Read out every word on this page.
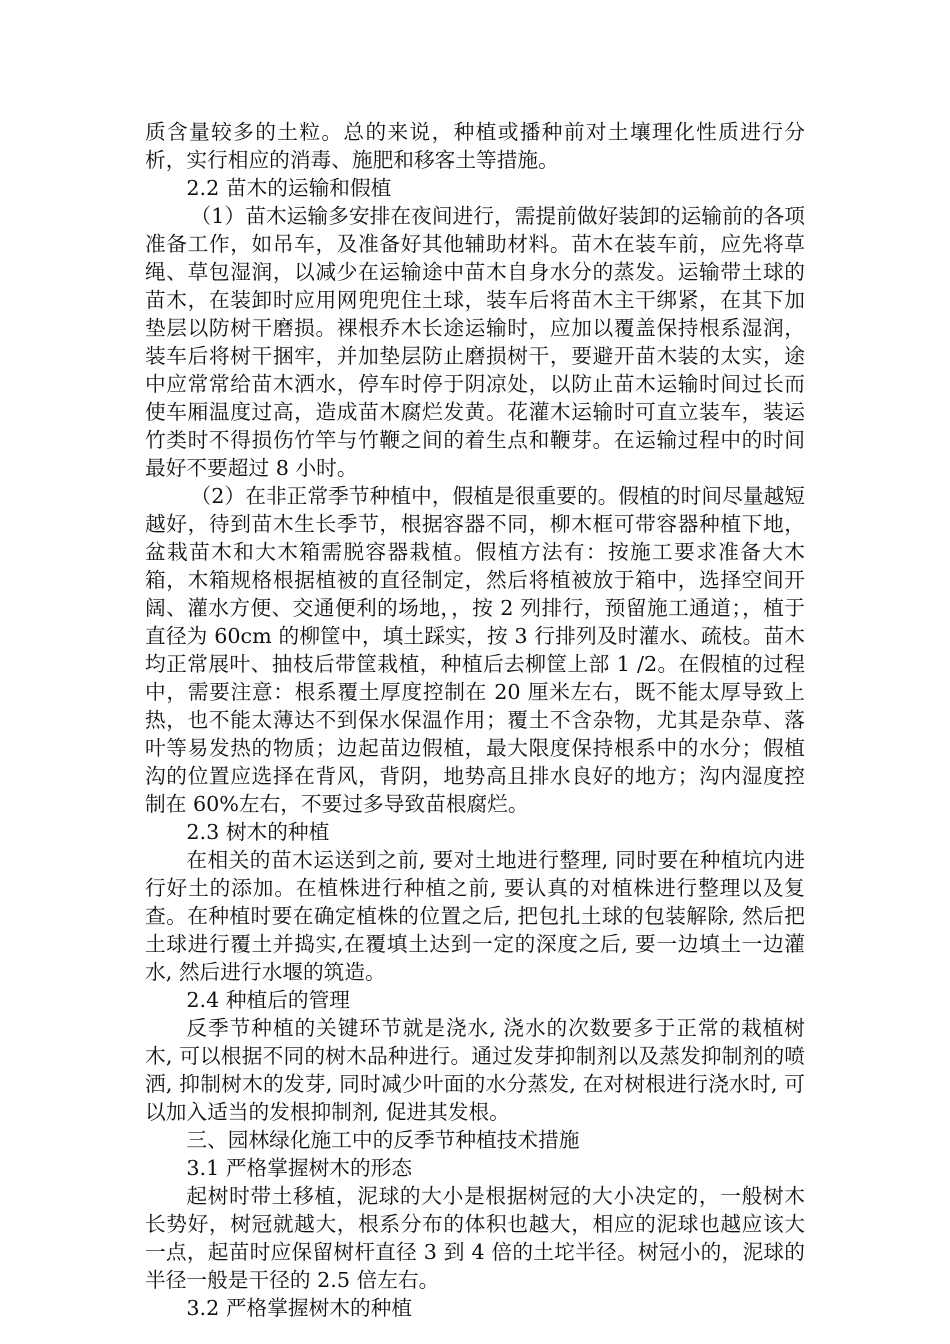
质含量较多的土粒。总的来说，种植或播种前对土壤理化性质进行分析，实行相应的消毒、施肥和移客土等措施。

2.2 苗木的运输和假植

（1）苗木运输多安排在夜间进行，需提前做好装卸的运输前的各项准备工作，如吊车，及准备好其他辅助材料。苗木在装车前，应先将草绳、草包湿润，以减少在运输途中苗木自身水分的蒸发。运输带土球的苗木，在装卸时应用网兜兜住土球，装车后将苗木主干绑紧，在其下加垫层以防树干磨损。裸根乔木长途运输时，应加以覆盖保持根系湿润，装车后将树干捆牢，并加垫层防止磨损树干，要避开苗木装的太实，途中应常常给苗木洒水，停车时停于阴凉处，以防止苗木运输时间过长而使车厢温度过高，造成苗木腐烂发黄。花灌木运输时可直立装车，装运竹类时不得损伤竹竿与竹鞭之间的着生点和鞭芽。在运输过程中的时间最好不要超过 8 小时。

（2）在非正常季节种植中，假植是很重要的。假植的时间尽量越短越好，待到苗木生长季节，根据容器不同，柳木框可带容器种植下地，盆栽苗木和大木箱需脱容器栽植。假植方法有：按施工要求准备大木箱，木箱规格根据植被的直径制定，然后将植被放于箱中，选择空间开阔、灌水方便、交通便利的场地，，按 2 列排行，预留施工通道；，植于直径为 60cm 的柳筐中，填土踩实，按 3 行排列及时灌水、疏枝。苗木均正常展叶、抽枝后带筐栽植，种植后去柳筐上部 1 /2。在假植的过程中，需要注意：根系覆土厚度控制在 20 厘米左右，既不能太厚导致上热，也不能太薄达不到保水保温作用；覆土不含杂物，尤其是杂草、落叶等易发热的物质；边起苗边假植，最大限度保持根系中的水分；假植沟的位置应选择在背风，背阴，地势高且排水良好的地方；沟内湿度控制在 60%左右，不要过多导致苗根腐烂。

2.3 树木的种植

在相关的苗木运送到之前, 要对土地进行整理, 同时要在种植坑内进行好土的添加。在植株进行种植之前, 要认真的对植株进行整理以及复查。在种植时要在确定植株的位置之后, 把包扎土球的包装解除, 然后把土球进行覆土并捣实,在覆填土达到一定的深度之后, 要一边填土一边灌水, 然后进行水堰的筑造。

2.4 种植后的管理

反季节种植的关键环节就是浇水, 浇水的次数要多于正常的栽植树木, 可以根据不同的树木品种进行。通过发芽抑制剂以及蒸发抑制剂的喷洒, 抑制树木的发芽, 同时减少叶面的水分蒸发, 在对树根进行浇水时, 可以加入适当的发根抑制剂, 促进其发根。

三、园林绿化施工中的反季节种植技术措施

3.1 严格掌握树木的形态

起树时带土移植，泥球的大小是根据树冠的大小决定的，一般树木长势好，树冠就越大，根系分布的体积也越大，相应的泥球也越应该大一点，起苗时应保留树杆直径 3 到 4 倍的土坨半径。树冠小的，泥球的半径一般是干径的 2.5 倍左右。

3.2 严格掌握树木的种植
